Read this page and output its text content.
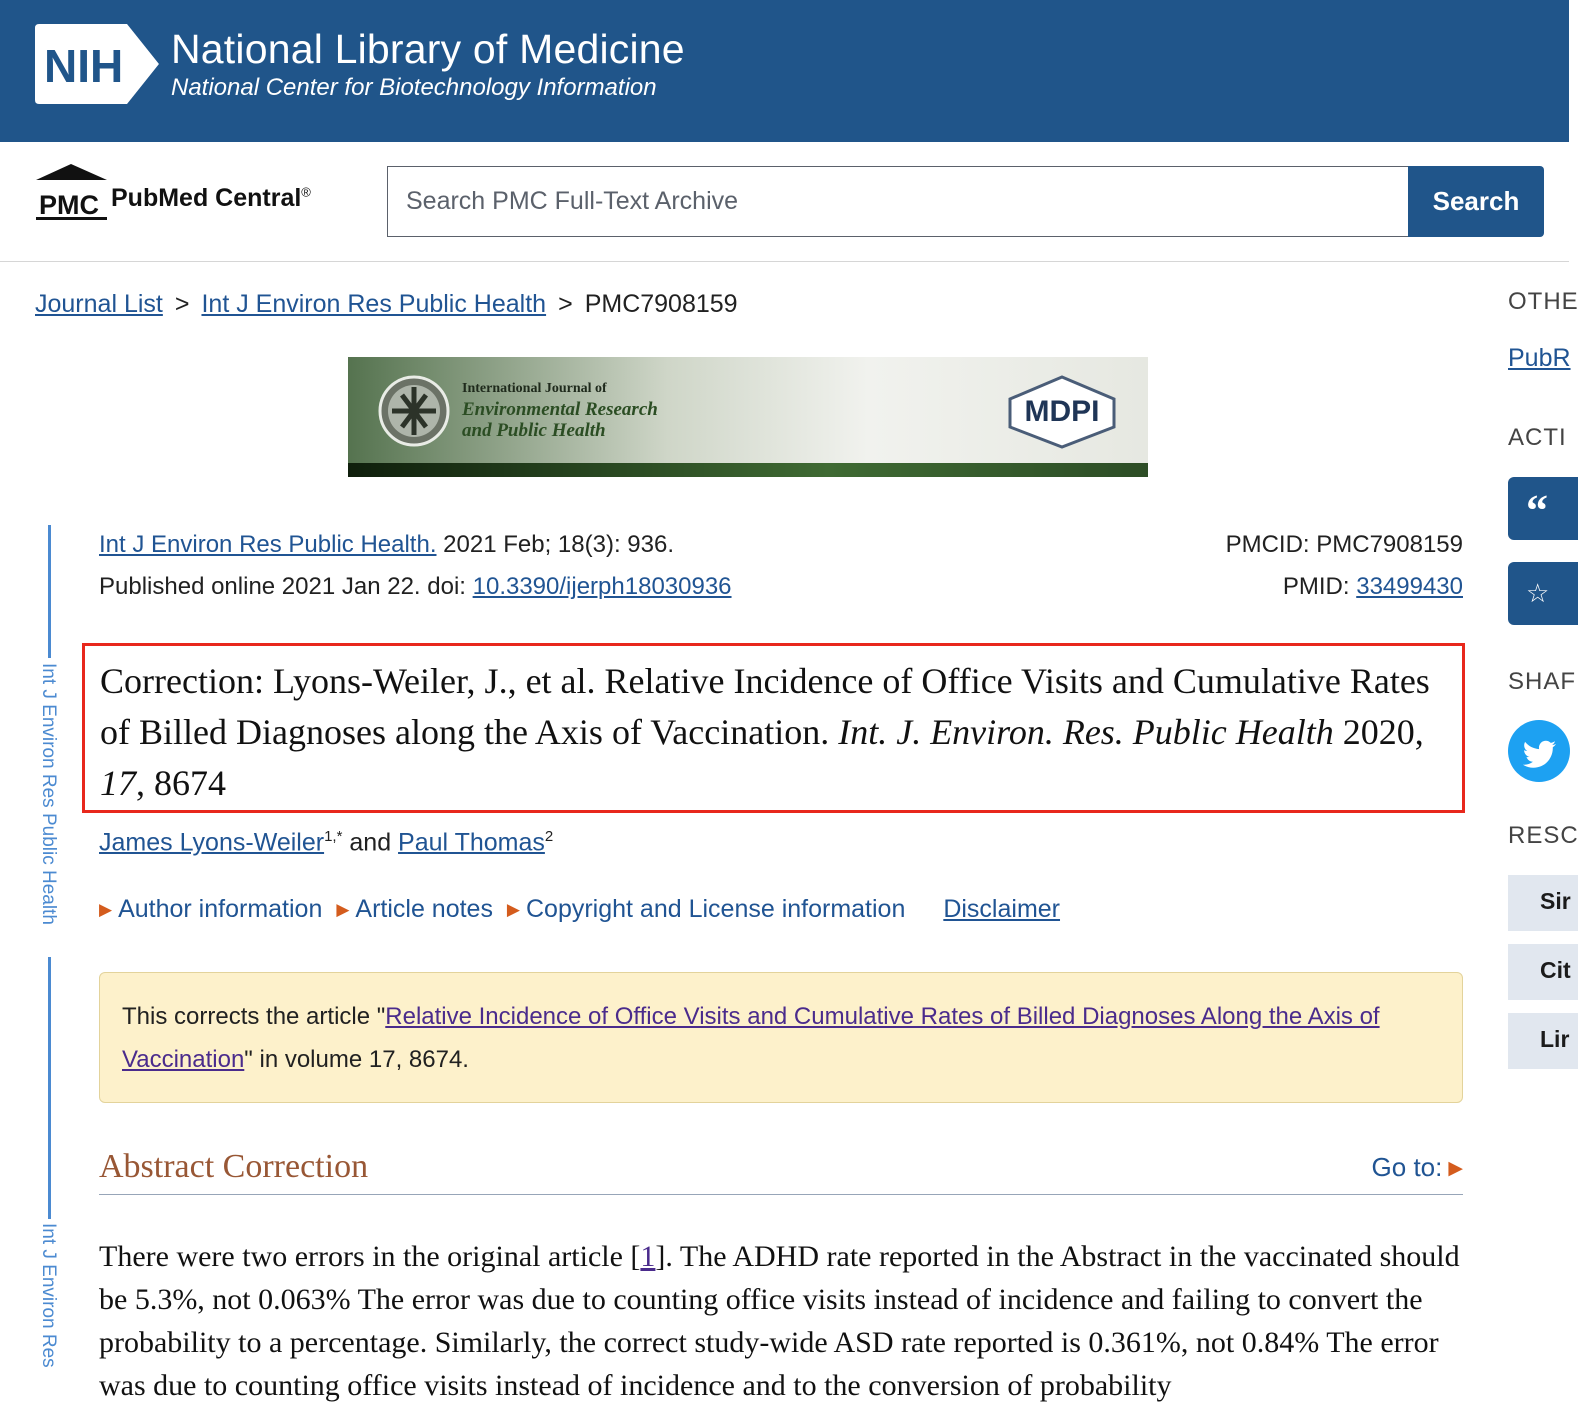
NIH National Library of Medicine
National Center for Biotechnology Information
PMC PubMed Central®
Search PMC Full-Text Archive	Search
Journal List > Int J Environ Res Public Health > PMC7908159
International Journal of
Environmental Research
and Public Health
MDPI
Int J Environ Res Public Health
Int J Environ Res
Int J Environ Res Public Health. 2021 Feb; 18(3): 936.
Published online 2021 Jan 22. doi: 10.3390/ijerph18030936
PMCID: PMC7908159
PMID: 33499430
Correction: Lyons-Weiler, J., et al. Relative Incidence of Office Visits and Cumulative Rates of Billed Diagnoses along the Axis of Vaccination. Int. J. Environ. Res. Public Health 2020, 17, 8674
James Lyons-Weiler$^{1,*}$ and Paul Thomas$^2$
▶ Author information ▶ Article notes ▶ Copyright and License information Disclaimer
This corrects the article "Relative Incidence of Office Visits and Cumulative Rates of Billed Diagnoses Along the Axis of Vaccination" in volume 17, 8674.
Abstract Correction	Go to: ▶

There were two errors in the original article [1]. The ADHD rate reported in the Abstract in the vaccinated should be 5.3%, not 0.063% The error was due to counting office visits instead of incidence and failing to convert the probability to a percentage. Similarly, the correct study-wide ASD rate reported is 0.361%, not 0.84% The error was due to counting office visits instead of incidence and to the conversion of probability

OTHE
PubR
ACTI
“
☆
SHAF
RESC
Sir
Cit
Lir
